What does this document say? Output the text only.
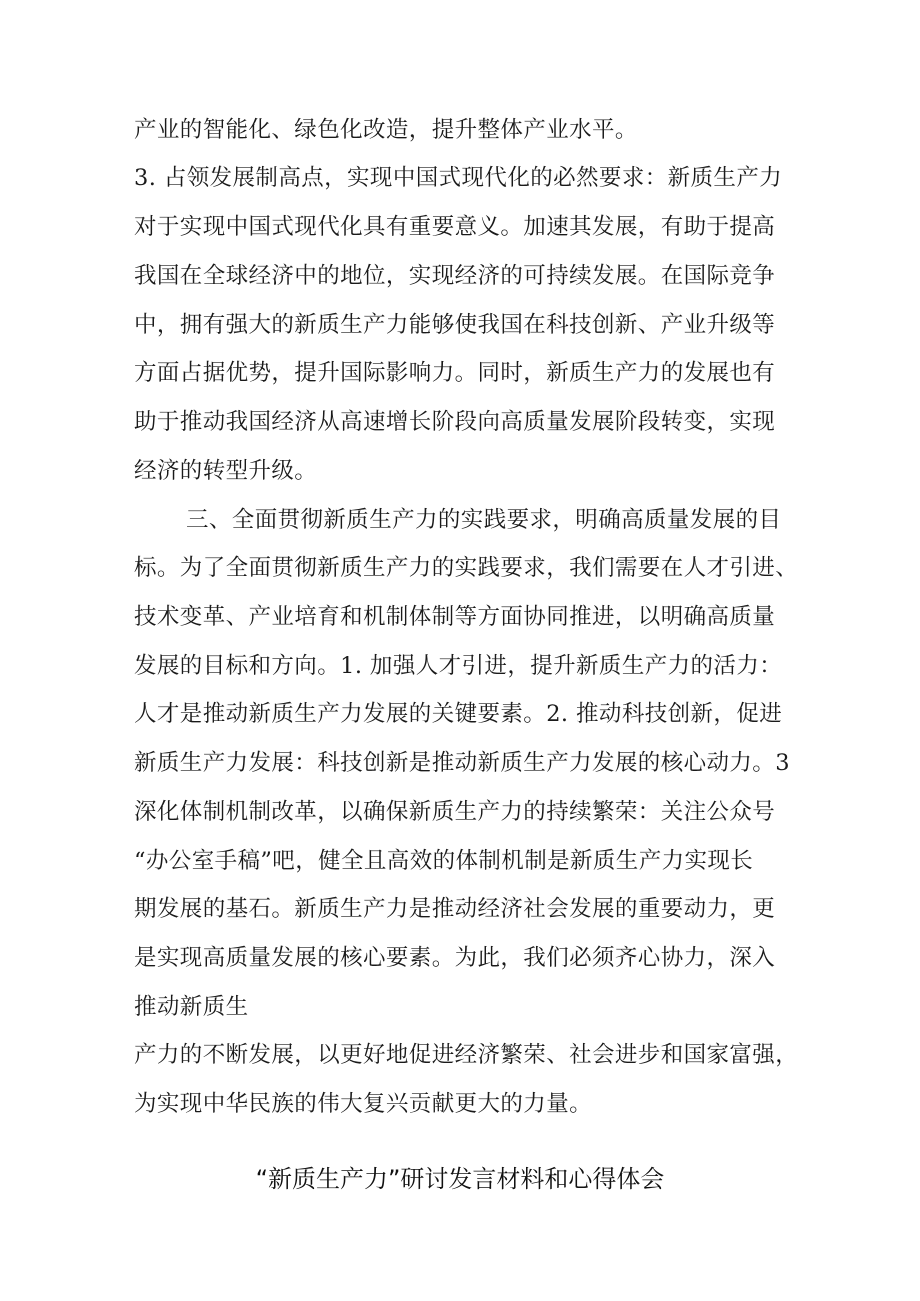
产业的智能化、绿色化改造，提升整体产业水平。
3. 占领发展制高点，实现中国式现代化的必然要求：新质生产力
对于实现中国式现代化具有重要意义。加速其发展，有助于提高
我国在全球经济中的地位，实现经济的可持续发展。在国际竞争
中，拥有强大的新质生产力能够使我国在科技创新、产业升级等
方面占据优势，提升国际影响力。同时，新质生产力的发展也有
助于推动我国经济从高速增长阶段向高质量发展阶段转变，实现
经济的转型升级。
三、全面贯彻新质生产力的实践要求，明确高质量发展的目
标。为了全面贯彻新质生产力的实践要求，我们需要在人才引进、
技术变革、产业培育和机制体制等方面协同推进，以明确高质量
发展的目标和方向。1. 加强人才引进，提升新质生产力的活力：
人才是推动新质生产力发展的关键要素。2. 推动科技创新，促进
新质生产力发展：科技创新是推动新质生产力发展的核心动力。3
深化体制机制改革，以确保新质生产力的持续繁荣：关注公众号
“办公室手稿”吧，健全且高效的体制机制是新质生产力实现长
期发展的基石。新质生产力是推动经济社会发展的重要动力，更
是实现高质量发展的核心要素。为此，我们必须齐心协力，深入
推动新质生
产力的不断发展，以更好地促进经济繁荣、社会进步和国家富强，
为实现中华民族的伟大复兴贡献更大的力量。
“新质生产力”研讨发言材料和心得体会
